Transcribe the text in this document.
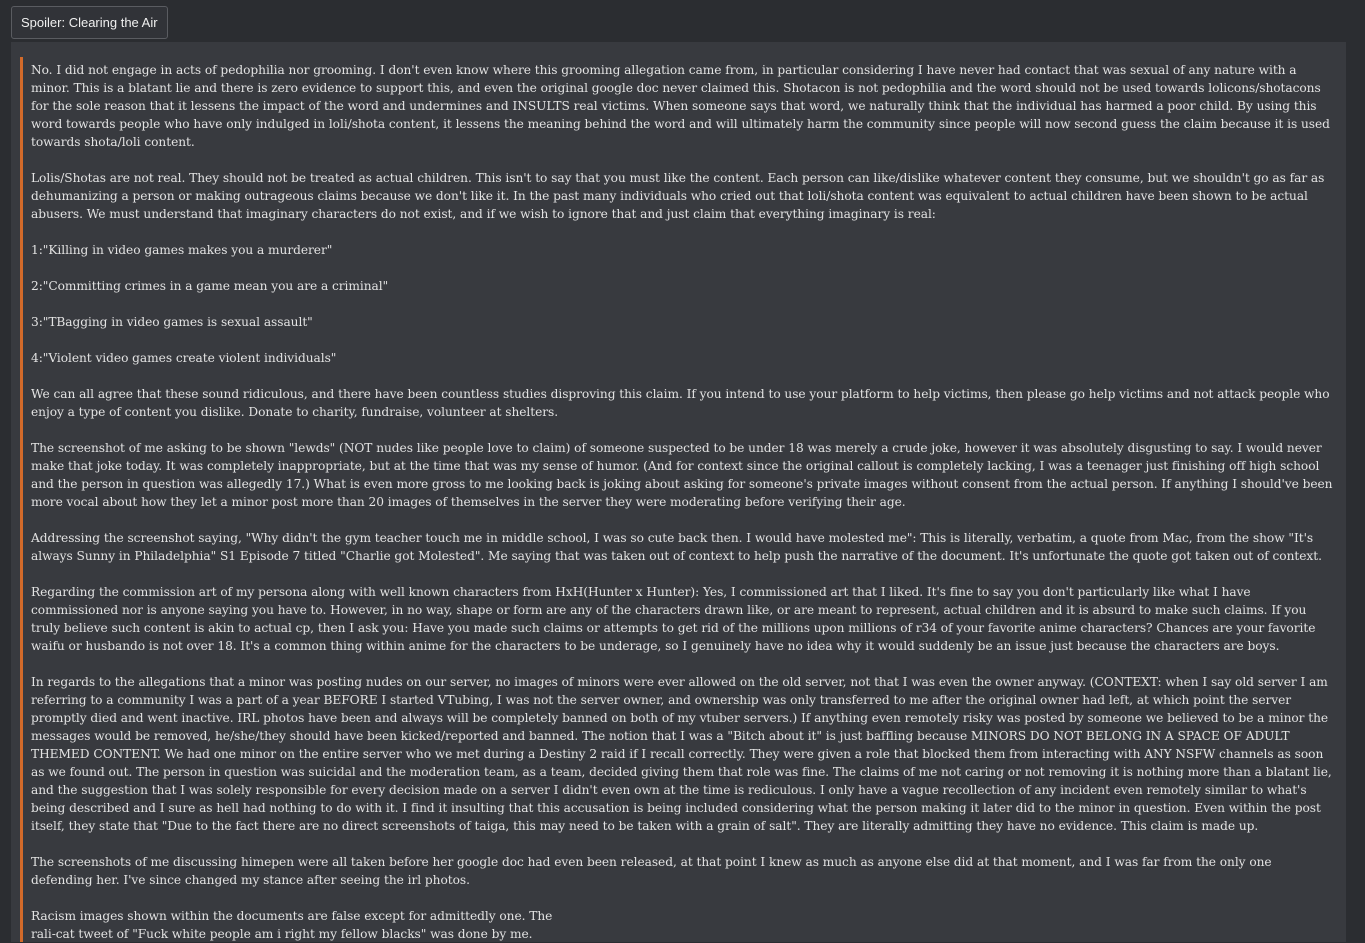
Spoiler: Clearing the Air

No. I did not engage in acts of pedophilia nor grooming. I don't even know where this grooming allegation came from, in particular considering I have never had contact that was sexual of any nature with a minor. This is a blatant lie and there is zero evidence to support this, and even the original google doc never claimed this. Shotacon is not pedophilia and the word should not be used towards lolicons/shotacons for the sole reason that it lessens the impact of the word and undermines and INSULTS real victims. When someone says that word, we naturally think that the individual has harmed a poor child. By using this word towards people who have only indulged in loli/shota content, it lessens the meaning behind the word and will ultimately harm the community since people will now second guess the claim because it is used towards shota/loli content.

Lolis/Shotas are not real. They should not be treated as actual children. This isn't to say that you must like the content. Each person can like/dislike whatever content they consume, but we shouldn't go as far as dehumanizing a person or making outrageous claims because we don't like it. In the past many individuals who cried out that loli/shota content was equivalent to actual children have been shown to be actual abusers. We must understand that imaginary characters do not exist, and if we wish to ignore that and just claim that everything imaginary is real:

1:"Killing in video games makes you a murderer"

2:"Committing crimes in a game mean you are a criminal"

3:"TBagging in video games is sexual assault"

4:"Violent video games create violent individuals"

We can all agree that these sound ridiculous, and there have been countless studies disproving this claim. If you intend to use your platform to help victims, then please go help victims and not attack people who enjoy a type of content you dislike. Donate to charity, fundraise, volunteer at shelters.

The screenshot of me asking to be shown "lewds" (NOT nudes like people love to claim) of someone suspected to be under 18 was merely a crude joke, however it was absolutely disgusting to say. I would never make that joke today. It was completely inappropriate, but at the time that was my sense of humor. (And for context since the original callout is completely lacking, I was a teenager just finishing off high school and the person in question was allegedly 17.) What is even more gross to me looking back is joking about asking for someone's private images without consent from the actual person. If anything I should've been more vocal about how they let a minor post more than 20 images of themselves in the server they were moderating before verifying their age.

Addressing the screenshot saying, "Why didn't the gym teacher touch me in middle school, I was so cute back then. I would have molested me": This is literally, verbatim, a quote from Mac, from the show "It's always Sunny in Philadelphia" S1 Episode 7 titled "Charlie got Molested". Me saying that was taken out of context to help push the narrative of the document. It's unfortunate the quote got taken out of context.

Regarding the commission art of my persona along with well known characters from HxH(Hunter x Hunter): Yes, I commissioned art that I liked. It's fine to say you don't particularly like what I have commissioned nor is anyone saying you have to. However, in no way, shape or form are any of the characters drawn like, or are meant to represent, actual children and it is absurd to make such claims. If you truly believe such content is akin to actual cp, then I ask you: Have you made such claims or attempts to get rid of the millions upon millions of r34 of your favorite anime characters? Chances are your favorite waifu or husbando is not over 18. It's a common thing within anime for the characters to be underage, so I genuinely have no idea why it would suddenly be an issue just because the characters are boys.

In regards to the allegations that a minor was posting nudes on our server, no images of minors were ever allowed on the old server, not that I was even the owner anyway. (CONTEXT: when I say old server I am referring to a community I was a part of a year BEFORE I started VTubing, I was not the server owner, and ownership was only transferred to me after the original owner had left, at which point the server promptly died and went inactive. IRL photos have been and always will be completely banned on both of my vtuber servers.) If anything even remotely risky was posted by someone we believed to be a minor the messages would be removed, he/she/they should have been kicked/reported and banned. The notion that I was a "Bitch about it" is just baffling because MINORS DO NOT BELONG IN A SPACE OF ADULT THEMED CONTENT. We had one minor on the entire server who we met during a Destiny 2 raid if I recall correctly. They were given a role that blocked them from interacting with ANY NSFW channels as soon as we found out. The person in question was suicidal and the moderation team, as a team, decided giving them that role was fine. The claims of me not caring or not removing it is nothing more than a blatant lie, and the suggestion that I was solely responsible for every decision made on a server I didn't even own at the time is rediculous. I only have a vague recollection of any incident even remotely similar to what's being described and I sure as hell had nothing to do with it. I find it insulting that this accusation is being included considering what the person making it later did to the minor in question. Even within the post itself, they state that "Due to the fact there are no direct screenshots of taiga, this may need to be taken with a grain of salt". They are literally admitting they have no evidence. This claim is made up.

The screenshots of me discussing himepen were all taken before her google doc had even been released, at that point I knew as much as anyone else did at that moment, and I was far from the only one defending her. I've since changed my stance after seeing the irl photos.

Racism images shown within the documents are false except for admittedly one. The
rali-cat tweet of "Fuck white people am i right my fellow blacks" was done by me.
